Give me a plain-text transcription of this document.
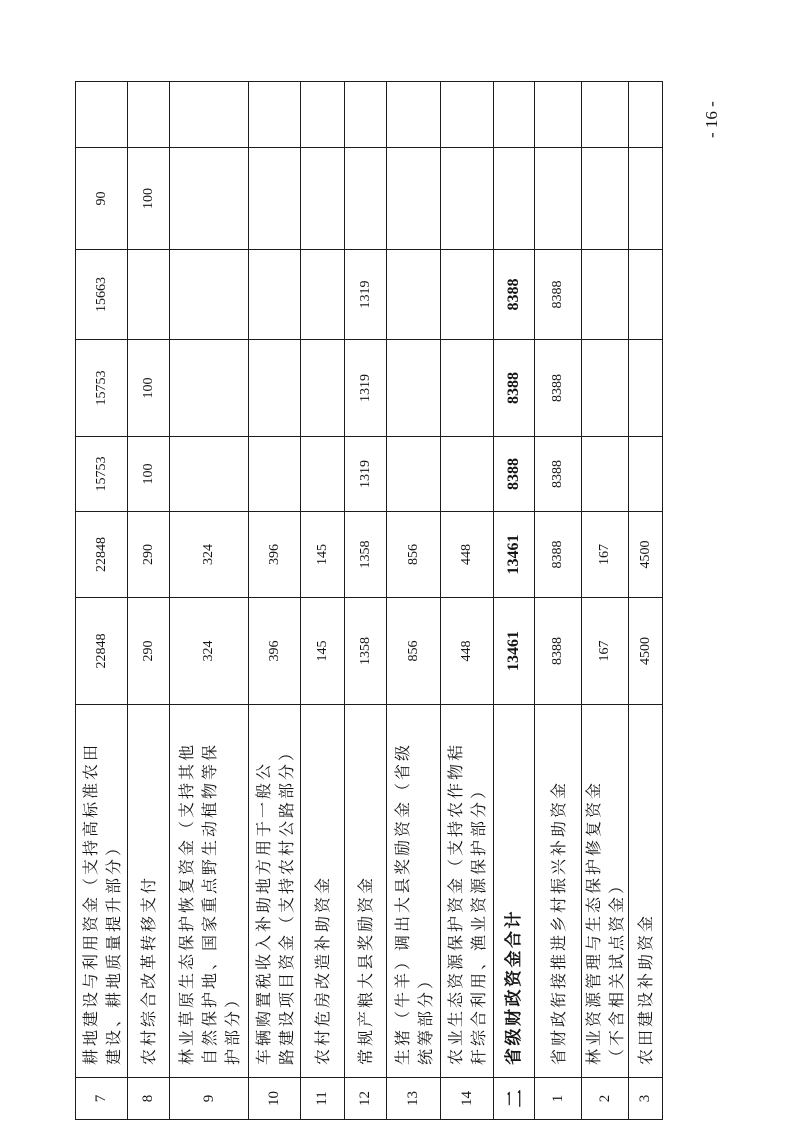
7	耕地建设与利用资金（支持高标准农田 建设、耕地质量提升部分）	22848	22848	15753	15753	15663	90	
8	农村综合改革转移支付	290	290	100	100		100	
9	林业草原生态保护恢复资金（支持其他 自然保护地、国家重点野生动植物等保 护部分）	324	324					
10	车辆购置税收入补助地方用于一般公 路建设项目资金（支持农村公路部分）	396	396					
11	农村危房改造补助资金	145	145					
12	常规产粮大县奖励资金	1358	1358	1319	1319	1319		
13	生猪（牛羊）调出大县奖励资金（省级 统筹部分）	856	856					
14	农业生态资源保护资金（支持农作物秸 秆综合利用、渔业资源保护部分）	448	448					
二	省级财政资金合计	13461	13461	8388	8388	8388		
1	省财政衔接推进乡村振兴补助资金	8388	8388	8388	8388	8388		
2	林业资源管理与生态保护修复资金 （不含相关试点资金）	167	167					
3	农田建设补助资金	4500	4500					
- 16 -
